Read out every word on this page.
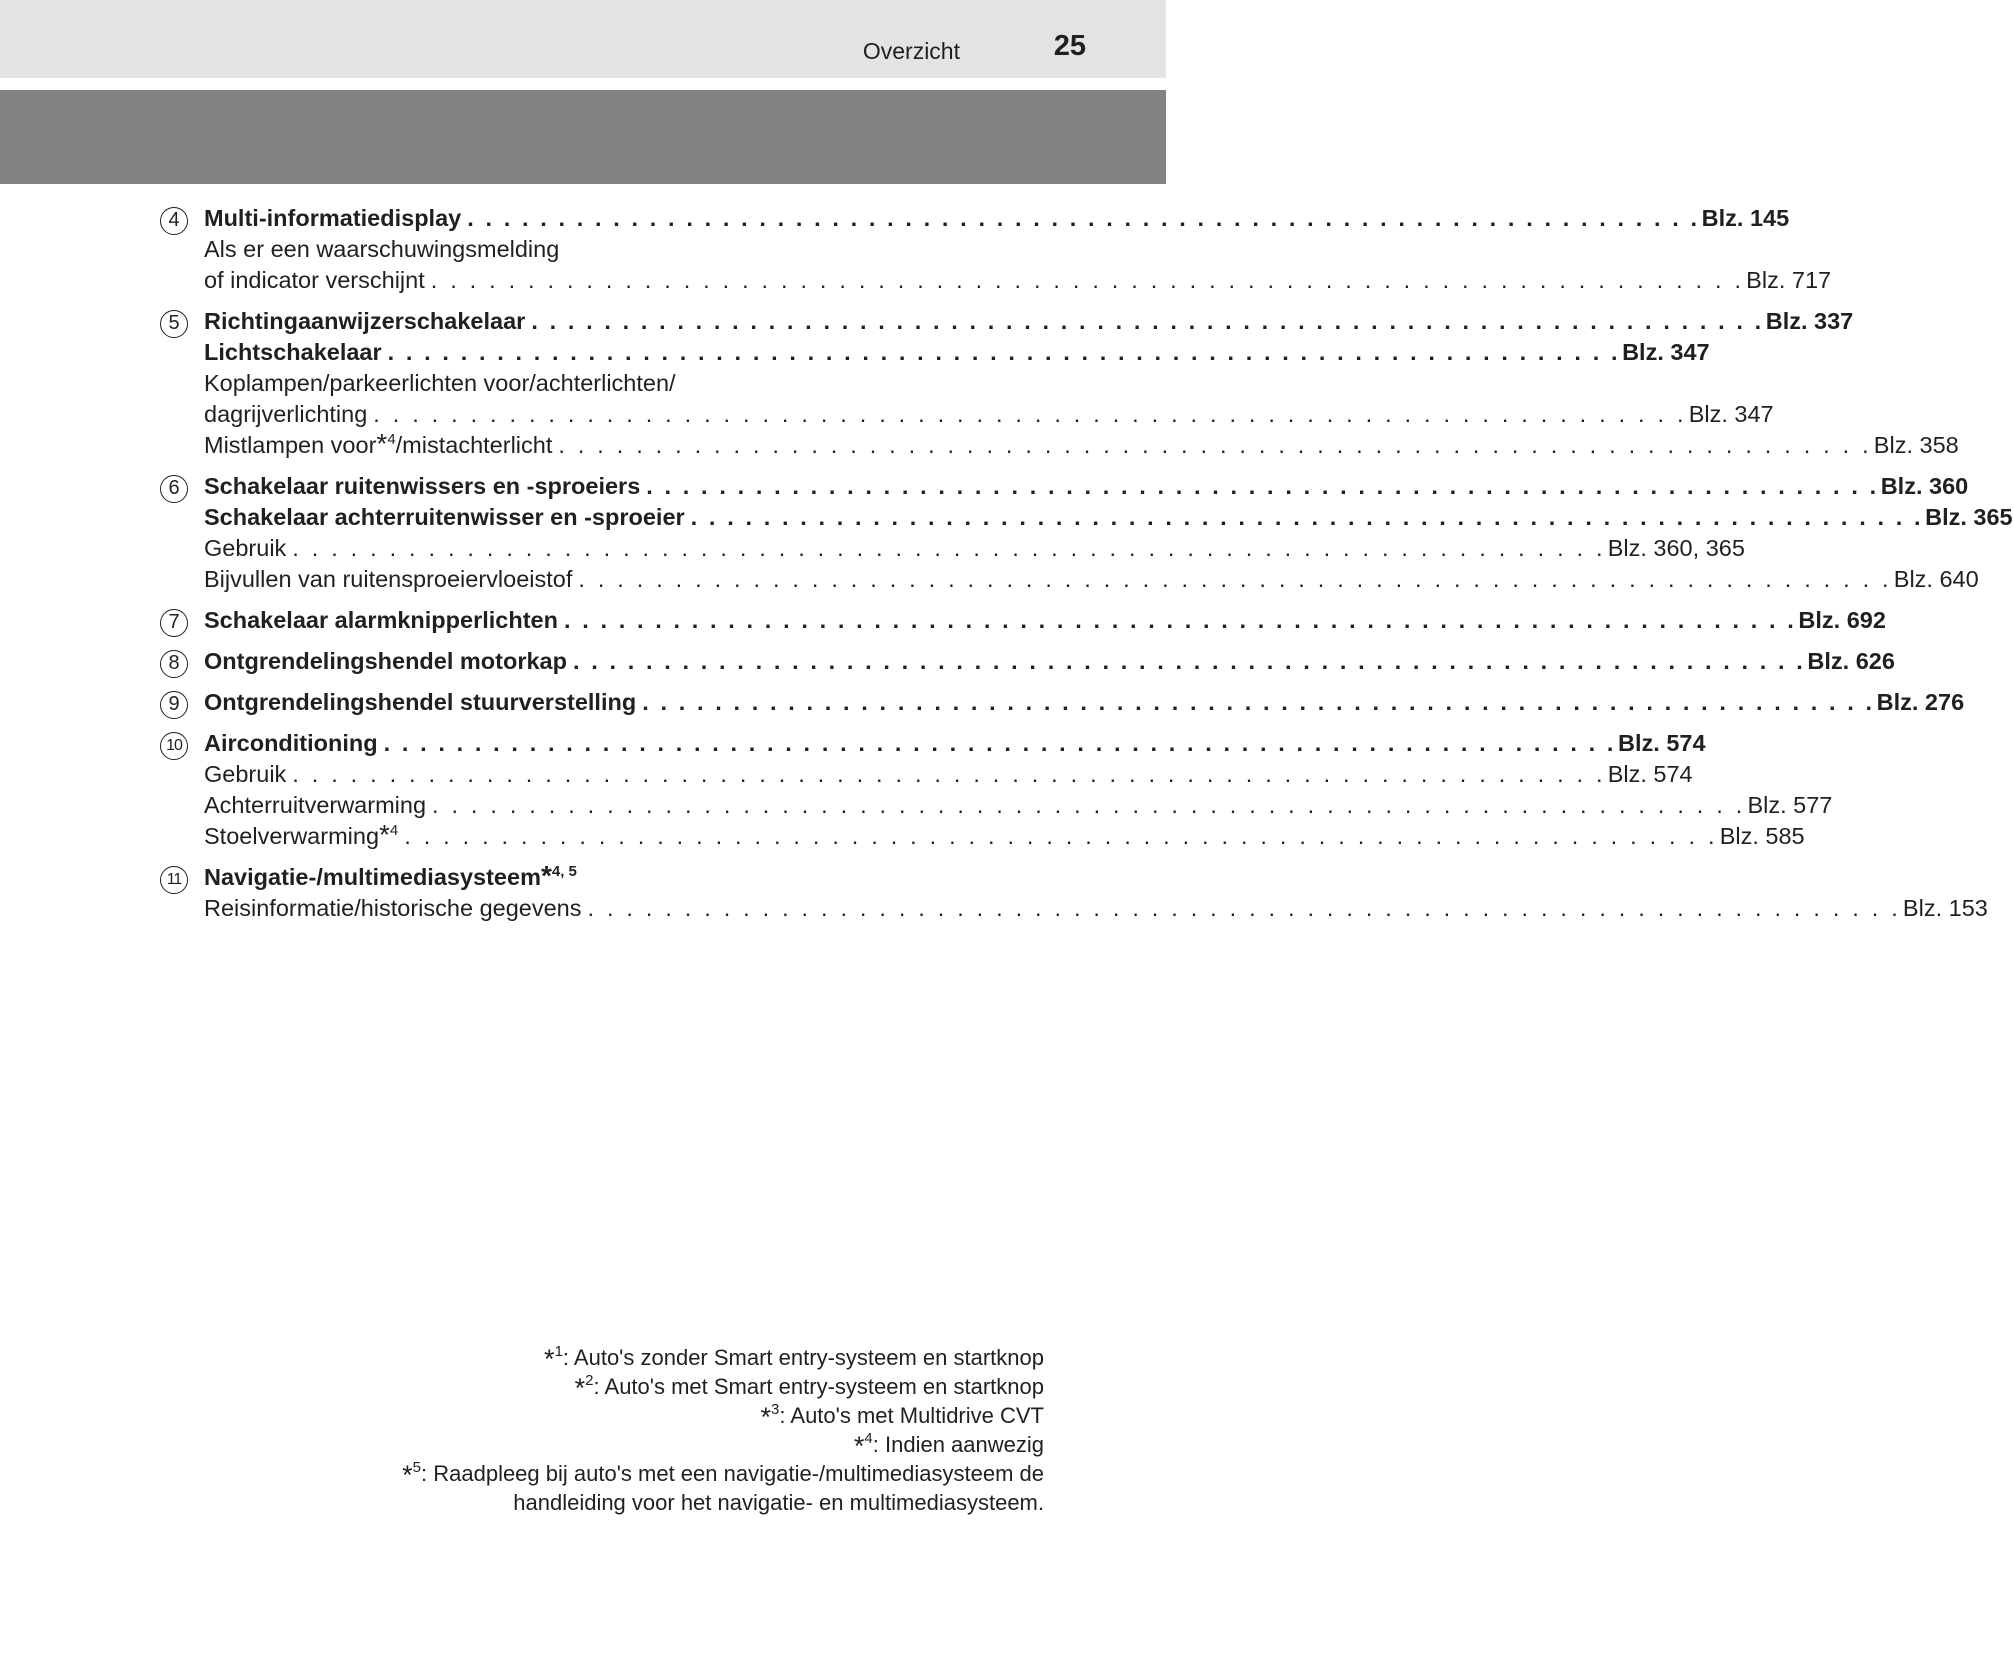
Overzicht	25
4	Multi-informatiedisplay . . . . . . . . . . . . . . . . . . . . . . . . . . . . . . . . . . . . . . . . . . . . . . . . . . . . . . . . . . . . . . . . . . . . Blz. 145
Als er een waarschuwingsmelding
of indicator verschijnt . . . . . . . . . . . . . . . . . . . . . . . . . . . . . . . . . . . . . . . . . . . . . . . . . . . . . . . . . . . . . . . . . . . . Blz. 717
5	Richtingaanwijzerschakelaar . . . . . . . . . . . . . . . . . . . . . . . . . . . . . . . . . . . . . . . . . . . . . . . . . . . . . . . . . . . . . . . . . . . . Blz. 337
Lichtschakelaar . . . . . . . . . . . . . . . . . . . . . . . . . . . . . . . . . . . . . . . . . . . . . . . . . . . . . . . . . . . . . . . . . . . . Blz. 347
Koplampen/parkeerlichten voor/achterlichten/
dagrijverlichting . . . . . . . . . . . . . . . . . . . . . . . . . . . . . . . . . . . . . . . . . . . . . . . . . . . . . . . . . . . . . . . . . . . . Blz. 347
Mistlampen voor*$^4$/mistachterlicht . . . . . . . . . . . . . . . . . . . . . . . . . . . . . . . . . . . . . . . . . . . . . . . . . . . . . . . . . . . . . . . . . . . . Blz. 358
6	Schakelaar ruitenwissers en -sproeiers . . . . . . . . . . . . . . . . . . . . . . . . . . . . . . . . . . . . . . . . . . . . . . . . . . . . . . . . . . . . . . . . . . . . Blz. 360
Schakelaar achterruitenwisser en -sproeier . . . . . . . . . . . . . . . . . . . . . . . . . . . . . . . . . . . . . . . . . . . . . . . . . . . . . . . . . . . . . . . . . . . . Blz. 365
Gebruik . . . . . . . . . . . . . . . . . . . . . . . . . . . . . . . . . . . . . . . . . . . . . . . . . . . . . . . . . . . . . . . . . . . . Blz. 360, 365
Bijvullen van ruitensproeiervloeistof . . . . . . . . . . . . . . . . . . . . . . . . . . . . . . . . . . . . . . . . . . . . . . . . . . . . . . . . . . . . . . . . . . . . Blz. 640
7	Schakelaar alarmknipperlichten . . . . . . . . . . . . . . . . . . . . . . . . . . . . . . . . . . . . . . . . . . . . . . . . . . . . . . . . . . . . . . . . . . . . Blz. 692
8	Ontgrendelingshendel motorkap . . . . . . . . . . . . . . . . . . . . . . . . . . . . . . . . . . . . . . . . . . . . . . . . . . . . . . . . . . . . . . . . . . . . Blz. 626
9	Ontgrendelingshendel stuurverstelling . . . . . . . . . . . . . . . . . . . . . . . . . . . . . . . . . . . . . . . . . . . . . . . . . . . . . . . . . . . . . . . . . . . . Blz. 276
10 Airconditioning . . . . . . . . . . . . . . . . . . . . . . . . . . . . . . . . . . . . . . . . . . . . . . . . . . . . . . . . . . . . . . . . . . . . Blz. 574
Gebruik . . . . . . . . . . . . . . . . . . . . . . . . . . . . . . . . . . . . . . . . . . . . . . . . . . . . . . . . . . . . . . . . . . . . Blz. 574
Achterruitverwarming . . . . . . . . . . . . . . . . . . . . . . . . . . . . . . . . . . . . . . . . . . . . . . . . . . . . . . . . . . . . . . . . . . . . Blz. 577
Stoelverwarming*$^4$ . . . . . . . . . . . . . . . . . . . . . . . . . . . . . . . . . . . . . . . . . . . . . . . . . . . . . . . . . . . . . . . . . . . . Blz. 585
11 Navigatie-/multimediasysteem*$^{4, 5}$
Reisinformatie/historische gegevens . . . . . . . . . . . . . . . . . . . . . . . . . . . . . . . . . . . . . . . . . . . . . . . . . . . . . . . . . . . . . . . . . . . . Blz. 153
*$^1$: Auto's zonder Smart entry-systeem en startknop
*$^2$: Auto's met Smart entry-systeem en startknop
*$^3$: Auto's met Multidrive CVT
*$^4$: Indien aanwezig
*$^5$: Raadpleeg bij auto's met een navigatie-/multimediasysteem de
handleiding voor het navigatie- en multimediasysteem.
